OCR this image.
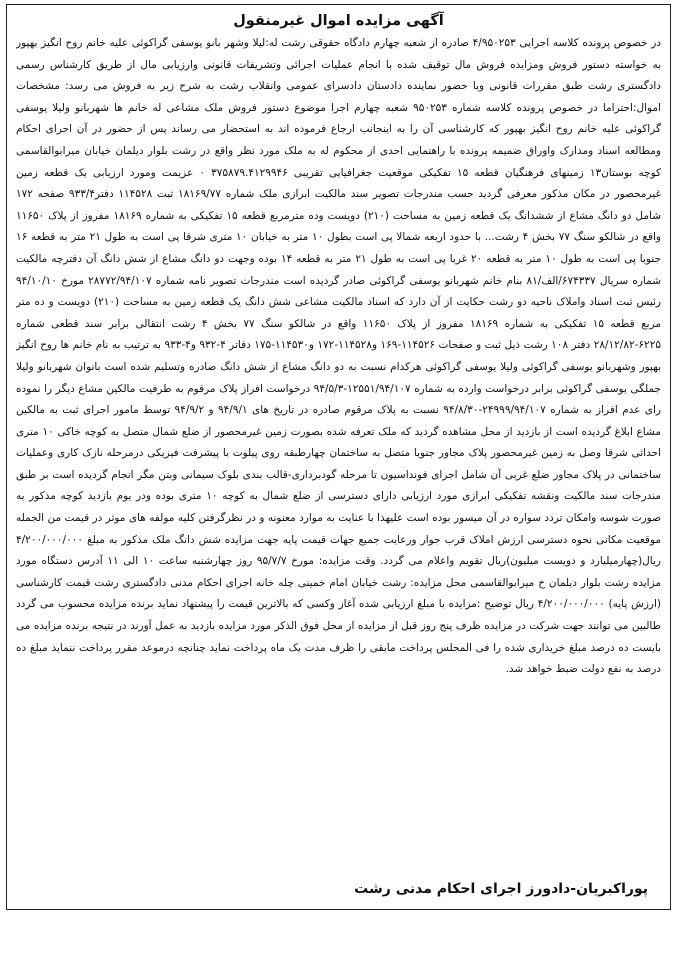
آگهی مزایده اموال غیرمنقول
در خصوص پرونده کلاسه اجرایی ۴/۹۵۰۲۵۳ صادره از شعبه چهارم دادگاه حقوقی رشت له:لیلا وشهر بانو یوسفی گراکوئی علیه خانم روح انگیز بهپور به خواسته دستور فروش ومزایده فروش مال توقیف شده با انجام عملیات اجرائی وتشریفات قانونی وارزیابی مال از طریق کارشناس رسمی دادگستری رشت طبق مقررات قانونی وبا حضور نماینده دادستان دادسرای عمومی وانقلاب رشت به شرح زیر به فروش می رسد: مشخصات اموال:احتراما در خصوص پرونده کلاسه شماره ۹۵۰۲۵۳ شعبه چهارم اجرا موضوع دستور فروش ملک مشاعی له خانم ها شهربانو ولیلا یوسفی گراکوئی علیه خانم روح انگیز بهپور که کارشناسی آن را به اینجانب ارجاع فرموده اند به استحضار می رساند پس از حضور در آن اجرای احکام ومطالعه اسناد ومدارک واوراق ضمیمه پرونده با راهنمایی احدی از محکوم له به ملک مورد نظر واقع در رشت بلوار دیلمان خیابان میرابوالقاسمی کوچه بوستان۱۳ زمینهای فرهنگیان قطعه ۱۵ تفکیکی موقعیت جغرافیایی تقریبی ۳۷۵۸۷۹.۴۱۲۹۹۴۶ ۰ عزیمت ومورد ارزیابی یک قطعه زمین غیرمحصور در مکان مذکور معرفی گردید حسب مندرجات تصویر سند مالکیت ابرازی ملک شماره ۱۸۱۶۹/۷۷ ثبت ۱۱۴۵۲۸ دفتر۹۳۳/۴ صفحه ۱۷۲ شامل دو دانگ مشاع از ششدانگ یک قطعه زمین به مساحت (۲۱۰) دویست وده مترمربع قطعه ۱۵ تفکیکی به شماره ۱۸۱۶۹ مفروز از پلاک ۱۱۶۵۰ واقع در شالکو سنگ ۷۷ بخش ۴ رشت... با حدود اربعه شمالا پی است بطول ۱۰ متر به خیابان ۱۰ متری شرقا پی است به طول ۲۱ متر به قطعه ۱۶ جنوبا پی است به طول ۱۰ متر به قطعه ۲۰ غربا پی است به طول ۲۱ متر به قطعه ۱۴ بوده وجهت دو دانگ مشاع از شش دانگ آن دفترچه مالکیت شماره سریال ۶۷۴۳۳۷/الف/۸۱ بنام خانم شهربانو یوسفی گراکوئی صادر گردیده است مندرجات تصویر نامه شماره ۲۸۷۷۲/۹۴/۱۰۷ مورخ ۹۴/۱۰/۱۰ رئیس ثبت اسناد واملاک ناحیه دو رشت حکایت از آن دارد که اسناد مالکیت مشاعی شش دانگ یک قطعه زمین به مساحت (۲۱۰) دویست و ده متر مربع قطعه ۱۵ تفکیکی به شماره ۱۸۱۶۹ مفروز از پلاک ۱۱۶۵۰ واقع در شالکو سنگ ۷۷ بخش ۴ رشت انتقالی برابر سند قطعی شماره ۶۲۲۵-۲۸/۱۲/۸۲ دفتر ۱۰۸ رشت ذیل ثبت و صفحات ۱۱۴۵۲۶-۱۶۹ و۱۱۴۵۲۸-۱۷۲ و۱۱۴۵۳۰-۱۷۵ دفاتر ۴-۹۳۲ و۴-۹۳۳ به ترتیب به نام خانم ها روح انگیز بهپور وشهربانو یوسفی گراکوئی ولیلا یوسفی گراکوئی هرکدام نسبت به دو دانگ مشاع از شش دانگ صادره وتسلیم شده است بانوان شهربانو ولیلا جملگی یوسفی گراکوئی برابر درخواست وارده به شماره ۱۲۵۵۱/۹۴/۱۰۷-۹۴/۵/۳ درخواست افراز پلاک مرقوم به طرفیت مالکین مشاع دیگر را نموده رای عدم افراز به شماره ۲۴۹۹۹/۹۴/۱۰۷-۹۴/۸/۳۰ نسبت به پلاک مرقوم صادره در تاریخ های ۹۴/۹/۱ و ۹۴/۹/۲ توسط مامور اجرای ثبت به مالکین مشاع ابلاغ گردیده است از بازدید از محل مشاهده گردید که ملک تعرفه شده بصورت زمین غیرمحصور از ضلع شمال متصل به کوچه خاکی ۱۰ متری احداثی شرقا وصل به زمین غیرمحصور پلاک مجاور جنوبا متصل به ساختمان چهارطبقه روی پیلوت با پیشرفت فیزیکی درمرحله نازک کاری وعملیات ساختمانی در پلاک مجاور ضلع غربی آن شامل اجرای فونداسیون تا مرحله گودبرداری-قالب بندی بلوک سیمانی وبتن مگر انجام گردیده است بر طبق مندرجات سند مالکیت ونقشه تفکیکی ابرازی مورد ارزیابی دارای دسترسی از ضلع شمال به کوچه ۱۰ متری بوده ودر یوم بازدید کوچه مذکور به صورت شوسه وامکان تردد سواره در آن میسور بوده است علیهذا با عنایت به موارد معنونه و در نظرگرفتن کلیه مولفه های موثر در قیمت من الجمله موقعیت مکانی نحوه دسترسی ارزش املاک قرب جوار ورعایت جمیع جهات قیمت پایه جهت مزایده شش دانگ ملک مذکور به مبلغ ۴/۲۰۰/۰۰۰/۰۰۰ ریال(چهارمیلیارد و دویست میلیون)ریال تقویم واعلام می گردد. وقت مزایده: مورخ ۹۵/۷/۷ روز چهارشنبه ساعت ۱۰ الی ۱۱ آدرس دستگاه مورد مزایده رشت بلوار دیلمان خ میرابوالقاسمی محل مزایده: رشت خیابان امام خمینی چله خانه اجرای احکام مدنی دادگستری رشت قیمت کارشناسی (ارزش پایه) ۴/۲۰۰/۰۰۰/۰۰۰ ریال توضیح :مزایده با مبلغ ارزیابی شده آغاز وکسی که بالاترین قیمت را پیشنهاد نماید برنده مزایده محسوب می گردد طالبین می توانند جهت شرکت در مزایده ظرف پنج روز قبل از مزایده از محل فوق الذکر مورد مزایده بازدید به عمل آورند در نتیجه برنده مزایده می بایست ده درصد مبلغ خریداری شده را فی المجلس پرداخت مابقی را ظرف مدت یک ماه پرداخت نماید چنانچه درموعد مقرر پرداخت ننماید مبلغ ده درصد به نفع دولت ضبط خواهد شد.
پوراکبریان-دادورز اجرای احکام مدنی رشت
